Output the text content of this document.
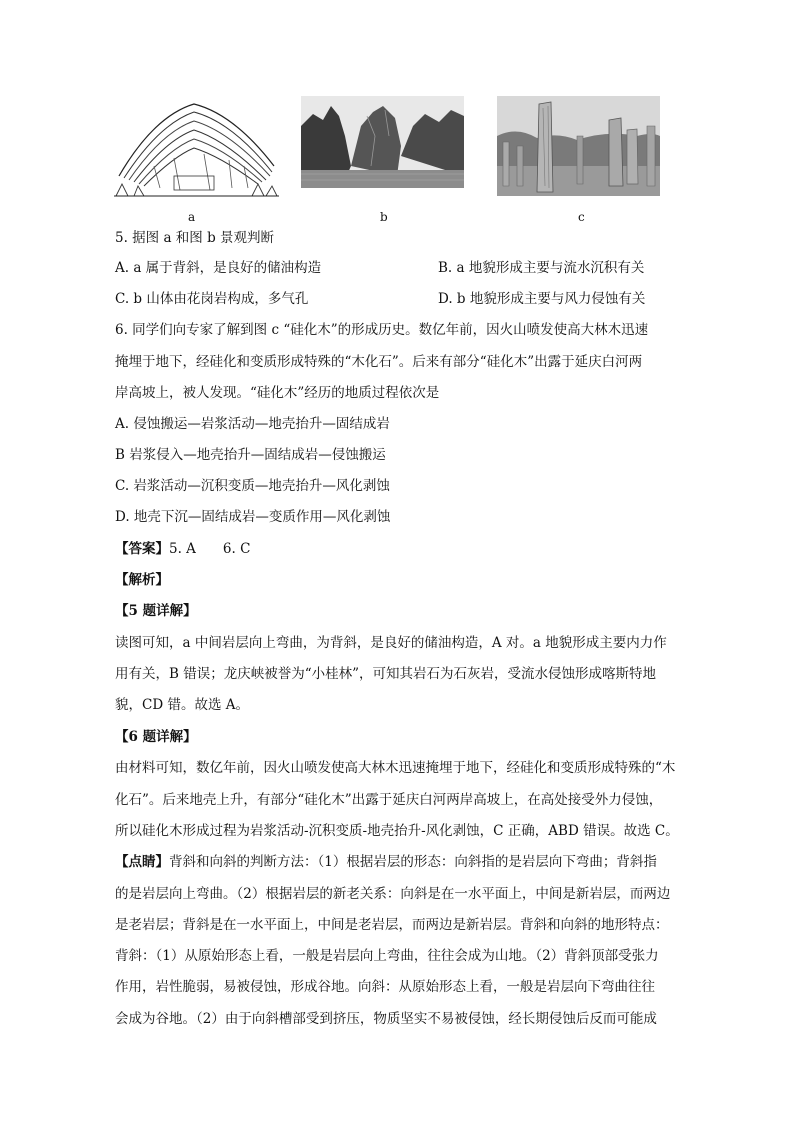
a	b	c
5. 据图 a 和图 b 景观判断
A. a 属于背斜，是良好的储油构造	B. a 地貌形成主要与流水沉积有关
C. b 山体由花岗岩构成，多气孔	D. b 地貌形成主要与风力侵蚀有关
6. 同学们向专家了解到图 c “硅化木”的形成历史。数亿年前，因火山喷发使高大林木迅速
掩埋于地下，经硅化和变质形成特殊的“木化石”。后来有部分“硅化木”出露于延庆白河两
岸高坡上，被人发现。“硅化木”经历的地质过程依次是
A. 侵蚀搬运—岩浆活动—地壳抬升—固结成岩
B 岩浆侵入—地壳抬升—固结成岩—侵蚀搬运
C. 岩浆活动—沉积变质—地壳抬升—风化剥蚀
D. 地壳下沉—固结成岩—变质作用—风化剥蚀
【答案】5. A　　6. C
【解析】
【5 题详解】
读图可知，a 中间岩层向上弯曲，为背斜，是良好的储油构造，A 对。a 地貌形成主要内力作
用有关，B 错误；龙庆峡被誉为“小桂林”，可知其岩石为石灰岩，受流水侵蚀形成喀斯特地
貌，CD 错。故选 A。
【6 题详解】
由材料可知，数亿年前，因火山喷发使高大林木迅速掩埋于地下，经硅化和变质形成特殊的“木
化石”。后来地壳上升，有部分“硅化木”出露于延庆白河两岸高坡上，在高处接受外力侵蚀，
所以硅化木形成过程为岩浆活动-沉积变质-地壳抬升-风化剥蚀，C 正确，ABD 错误。故选 C。
【点睛】背斜和向斜的判断方法：（1）根据岩层的形态：向斜指的是岩层向下弯曲；背斜指
的是岩层向上弯曲。（2）根据岩层的新老关系：向斜是在一水平面上，中间是新岩层，而两边
是老岩层；背斜是在一水平面上，中间是老岩层，而两边是新岩层。背斜和向斜的地形特点：
背斜：（1）从原始形态上看，一般是岩层向上弯曲，往往会成为山地。（2）背斜顶部受张力
作用，岩性脆弱，易被侵蚀，形成谷地。向斜：从原始形态上看，一般是岩层向下弯曲往往
会成为谷地。（2）由于向斜槽部受到挤压，物质坚实不易被侵蚀，经长期侵蚀后反而可能成
